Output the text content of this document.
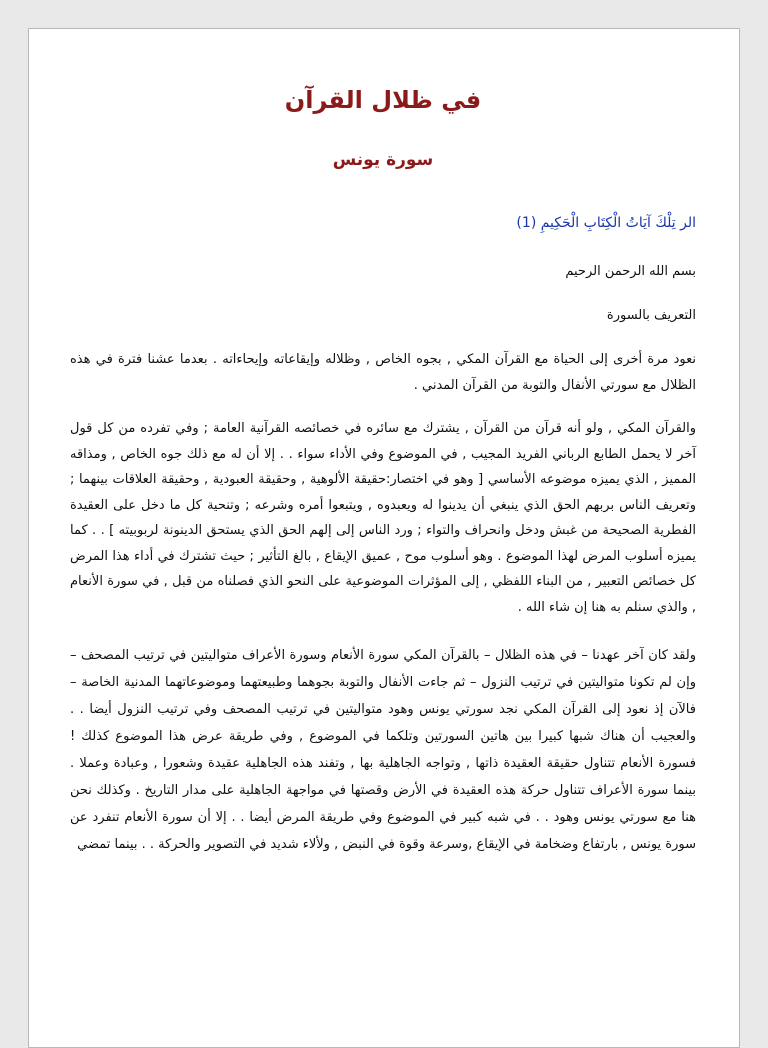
في ظلال القرآن
سورة يونس

الر تِلْكَ آيَاتُ الْكِتَابِ الْحَكِيمِ (1)

بسم الله الرحمن الرحيم

التعريف بالسورة

نعود مرة أخرى إلى الحياة مع القرآن المكي , بجوه الخاص , وظلاله وإيقاعاته وإيحاءاته . بعدما عشنا فترة في هذه الظلال مع سورتي الأنفال والتوبة من القرآن المدني .

والقرآن المكي , ولو أنه قرآن من القرآن , يشترك مع سائره في خصائصه القرآنية العامة ; وفي تفرده من كل قول آخر لا يحمل الطابع الرباني الفريد المجيب , في الموضوع وفي الأداء سواء . . إلا أن له مع ذلك جوه الخاص , ومذاقه المميز , الذي يميزه موضوعه الأساسي [ وهو في اختصار:حقيقة الألوهية , وحقيقة العبودية , وحقيقة العلاقات بينهما ; وتعريف الناس بربهم الحق الذي ينبغي أن يدينوا له ويعبدوه , ويتبعوا أمره وشرعه ; وتنحية كل ما دخل على العقيدة الفطرية الصحيحة من غبش ودخل وانحراف والتواء ; ورد الناس إلى إلهم الحق الذي يستحق الدينونة لربوبيته ] . . كما يميزه أسلوب المرض لهذا الموضوع . وهو أسلوب موح , عميق الإيقاع , بالغ التأثير ; حيث تشترك في أداء هذا المرض كل خصائص التعبير , من البناء اللفظي , إلى المؤثرات الموضوعية على النحو الذي فصلناه من قبل , في سورة الأنعام , والذي سنلم به هنا إن شاء الله .

ولقد كان آخر عهدنا – في هذه الظلال – بالقرآن المكي سورة الأنعام وسورة الأعراف متواليتين في ترتيب المصحف – وإن لم تكونا متواليتين في ترتيب النزول – ثم جاءت الأنفال والتوبة بجوهما وطبيعتهما وموضوعاتهما المدنية الخاصة – فالآن إذ نعود إلى القرآن المكي نجد سورتي يونس وهود متواليتين في ترتيب المصحف وفي ترتيب النزول أيضا . . والعجيب أن هناك شبها كبيرا بين هاتين السورتين وتلكما في الموضوع , وفي طريقة عرض هذا الموضوع كذلك ! فسورة الأنعام تتناول حقيقة العقيدة ذاتها , وتواجه الجاهلية بها , وتفند هذه الجاهلية عقيدة وشعورا , وعبادة وعملا . بينما سورة الأعراف تتناول حركة هذه العقيدة في الأرض وقصتها في مواجهة الجاهلية على مدار التاريخ . وكذلك نحن هنا مع سورتي يونس وهود . . في شبه كبير في الموضوع وفي طريقة المرض أيضا . . إلا أن سورة الأنعام تنفرد عن سورة يونس , بارتفاع وضخامة في الإيقاع ,وسرعة وقوة في النبض , ولألاء شديد في التصوير والحركة . . بينما تمضي
